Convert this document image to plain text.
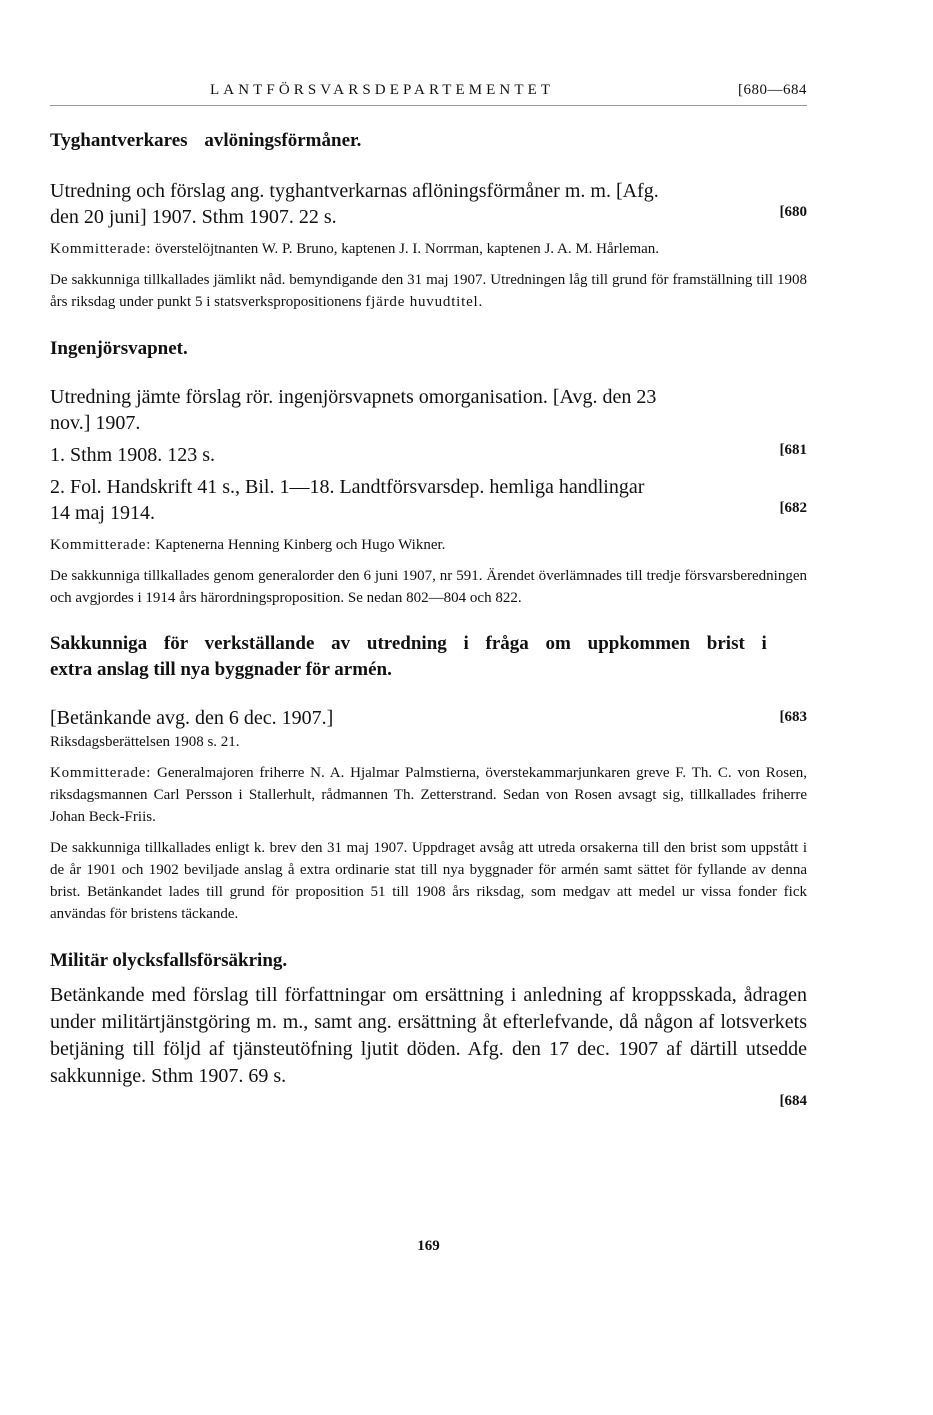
LANTFÖRSVARSDEPARTEMENTET	[680—684

Tyghantverkares avlöningsförmåner.

Utredning och förslag ang. tyghantverkarnas aflöningsförmåner m. m. [Afg.

den 20 juni] 1907. Sthm 1907. 22 s.	[680

Kommitterade: överstelöjtnanten W. P. Bruno, kaptenen J. I. Norrman, kaptenen J. A. M. Hårleman.

De sakkunniga tillkallades jämlikt nåd. bemyndigande den 31 maj 1907. Utredningen låg till grund för framställning till 1908 års riksdag under punkt 5 i statsverkspropositionens fjärde huvudtitel.

Ingenjörsvapnet.

Utredning jämte förslag rör. ingenjörsvapnets omorganisation. [Avg. den 23

nov.] 1907.

1. Sthm 1908. 123 s.	[681

2. Fol. Handskrift 41 s., Bil. 1—18. Landtförsvarsdep. hemliga handlingar

14 maj 1914.	[682

Kommitterade: Kaptenerna Henning Kinberg och Hugo Wikner.

De sakkunniga tillkallades genom generalorder den 6 juni 1907, nr 591. Ärendet överlämnades till tredje försvarsberedningen och avgjordes i 1914 års härordningsproposition. Se nedan 802—804 och 822.

Sakkunniga för verkställande av utredning i fråga om uppkommen brist i

extra anslag till nya byggnader för armén.

[Betänkande avg. den 6 dec. 1907.]	[683

Riksdagsberättelsen 1908 s. 21.

Kommitterade: Generalmajoren friherre N. A. Hjalmar Palmstierna, överstekammarjunkaren greve F. Th. C. von Rosen, riksdagsmannen Carl Persson i Stallerhult, rådmannen Th. Zetterstrand. Sedan von Rosen avsagt sig, tillkallades friherre Johan Beck-Friis.

De sakkunniga tillkallades enligt k. brev den 31 maj 1907. Uppdraget avsåg att utreda orsakerna till den brist som uppstått i de år 1901 och 1902 beviljade anslag å extra ordinarie stat till nya byggnader för armén samt sättet för fyllande av denna brist. Betänkandet lades till grund för proposition 51 till 1908 års riksdag, som medgav att medel ur vissa fonder fick användas för bristens täckande.

Militär olycksfallsförsäkring.

Betänkande med förslag till författningar om ersättning i anledning af kroppsskada, ådragen under militärtjänstgöring m. m., samt ang. ersättning åt efterlefvande, då någon af lotsverkets betjäning till följd af tjänsteutöfning ljutit döden. Afg. den 17 dec. 1907 af därtill utsedde sakkunnige. Sthm 1907. 69 s.

[684

169
